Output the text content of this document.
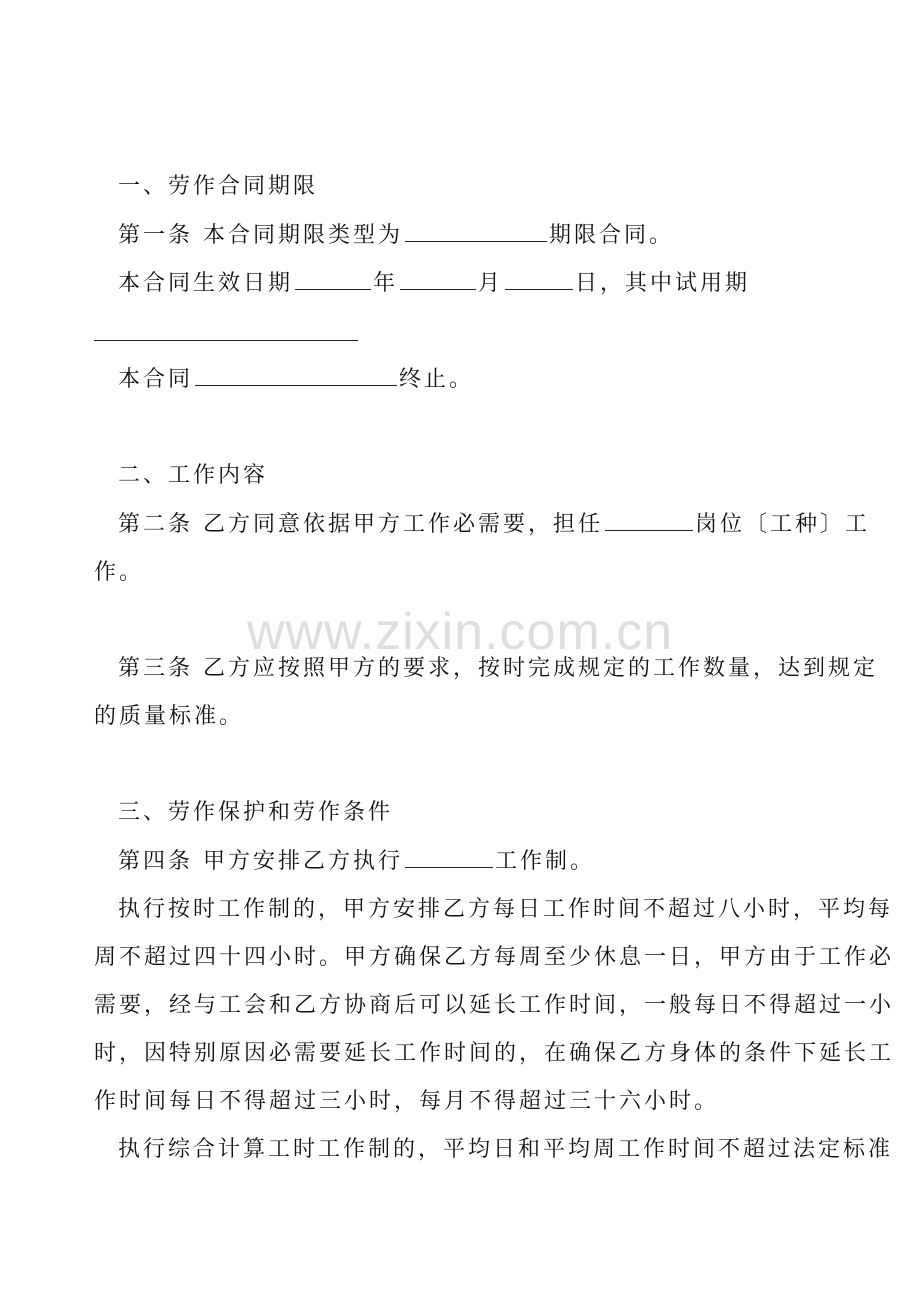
www.zixin.com.cn
一、劳作合同期限
第一条 本合同期限类型为	期限合同。
本合同生效日期	年	月	日，其中试用期
本合同	终止。
二、工作内容
第二条 乙方同意依据甲方工作必需要，担任	岗位〔工种〕工
作。
第三条 乙方应按照甲方的要求，按时完成规定的工作数量，达到规定
的质量标准。
三、劳作保护和劳作条件
第四条 甲方安排乙方执行	工作制。
执行按时工作制的，甲方安排乙方每日工作时间不超过八小时，平均每
周不超过四十四小时。甲方确保乙方每周至少休息一日，甲方由于工作必
需要，经与工会和乙方协商后可以延长工作时间，一般每日不得超过一小
时，因特别原因必需要延长工作时间的，在确保乙方身体的条件下延长工
作时间每日不得超过三小时，每月不得超过三十六小时。
执行综合计算工时工作制的，平均日和平均周工作时间不超过法定标准
